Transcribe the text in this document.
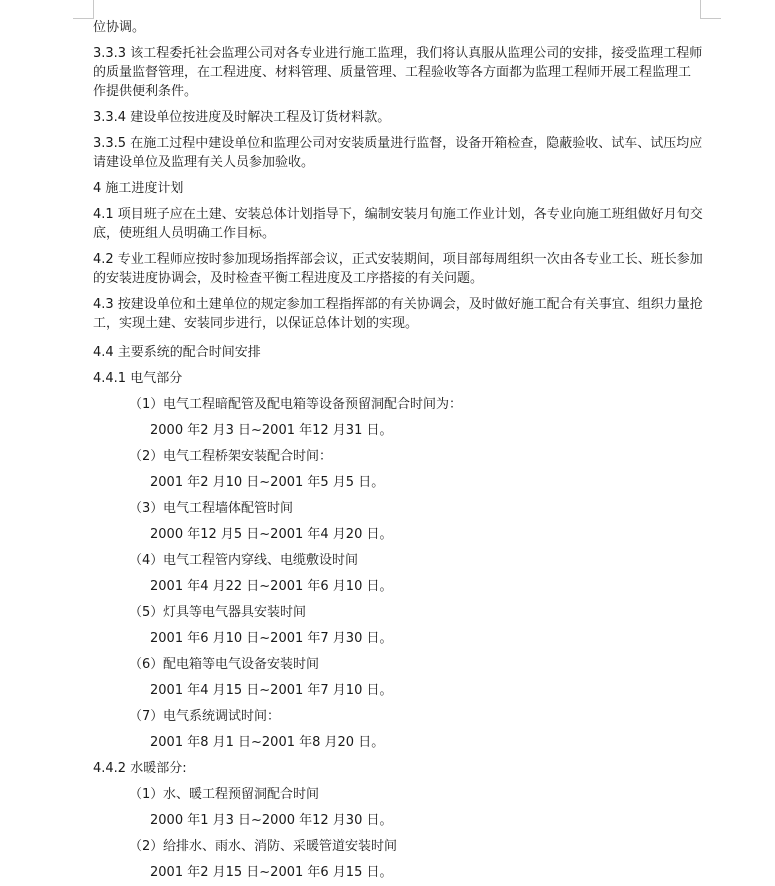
位协调。
3.3.3 该工程委托社会监理公司对各专业进行施工监理，我们将认真服从监理公司的安排，接受监理工程师的质量监督管理，在工程进度、材料管理、质量管理、工程验收等各方面都为监理工程师开展工程监理工作提供便利条件。
3.3.4 建设单位按进度及时解决工程及订货材料款。
3.3.5 在施工过程中建设单位和监理公司对安装质量进行监督，设备开箱检查，隐蔽验收、试车、试压均应请建设单位及监理有关人员参加验收。
4 施工进度计划
4.1 项目班子应在土建、安装总体计划指导下，编制安装月旬施工作业计划，各专业向施工班组做好月旬交底，使班组人员明确工作目标。
4.2 专业工程师应按时参加现场指挥部会议，正式安装期间，项目部每周组织一次由各专业工长、班长参加的安装进度协调会，及时检查平衡工程进度及工序搭接的有关问题。
4.3 按建设单位和土建单位的规定参加工程指挥部的有关协调会，及时做好施工配合有关事宜、组织力量抢工，实现土建、安装同步进行，以保证总体计划的实现。
4.4 主要系统的配合时间安排
4.4.1 电气部分
（1）电气工程暗配管及配电箱等设备预留洞配合时间为：
2000 年2 月3 日~2001 年12 月31 日。
（2）电气工程桥架安装配合时间：
2001 年2 月10 日~2001 年5 月5 日。
（3）电气工程墙体配管时间
2000 年12 月5 日~2001 年4 月20 日。
（4）电气工程管内穿线、电缆敷设时间
2001 年4 月22 日~2001 年6 月10 日。
（5）灯具等电气器具安装时间
2001 年6 月10 日~2001 年7 月30 日。
（6）配电箱等电气设备安装时间
2001 年4 月15 日~2001 年7 月10 日。
（7）电气系统调试时间：
2001 年8 月1 日~2001 年8 月20 日。
4.4.2 水暖部分:
（1）水、暖工程预留洞配合时间
2000 年1 月3 日~2000 年12 月30 日。
（2）给排水、雨水、消防、采暖管道安装时间
2001 年2 月15 日~2001 年6 月15 日。
